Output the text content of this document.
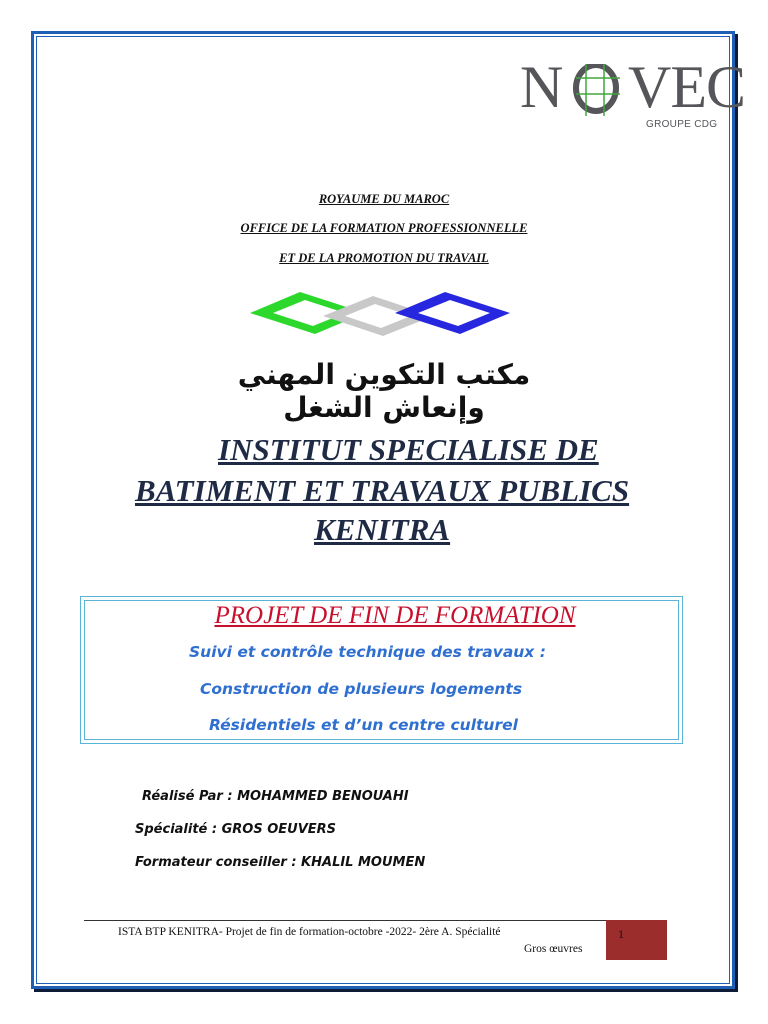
N VEC
GROUPE CDG
ROYAUME DU MAROC
OFFICE DE LA FORMATION PROFESSIONNELLE
ET DE LA PROMOTION DU TRAVAIL
مكتب التكوين المهني وإنعاش الشغل
INSTITUT SPECIALISE DE
BATIMENT ET TRAVAUX PUBLICS
KENITRA
PROJET DE FIN DE FORMATION
Suivi et contrôle technique des travaux :
Construction de plusieurs logements
Résidentiels et d’un centre culturel
Réalisé Par : MOHAMMED BENOUAHI
Spécialité : GROS OEUVERS
Formateur conseiller : KHALIL MOUMEN
ISTA BTP KENITRA- Projet de fin de formation-octobre -2022- 2ère A. Spécialité
Gros œuvres
1
